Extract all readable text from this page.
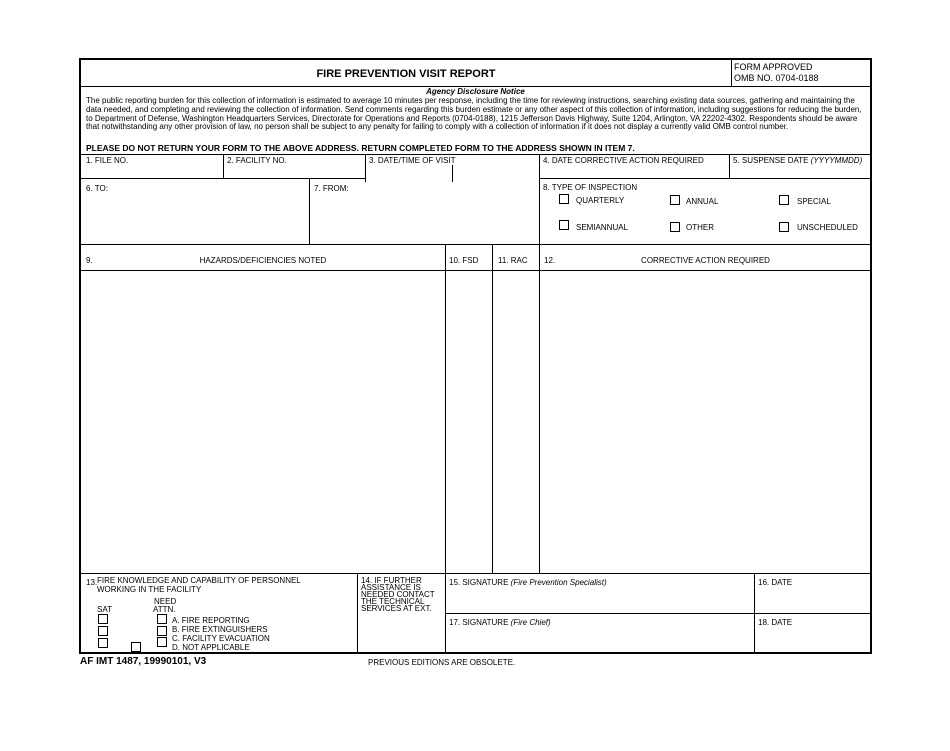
FIRE PREVENTION VISIT REPORT
FORM APPROVED
OMB NO. 0704-0188
Agency Disclosure Notice
The public reporting burden for this collection of information is estimated to average 10 minutes per response, including the time for reviewing instructions, searching existing data sources, gathering and maintaining the data needed, and completing and reviewing the collection of information. Send comments regarding this burden estimate or any other aspect of this collection of information, including suggestions for reducing the burden, to Department of Defense, Washington Headquarters Services, Directorate for Operations and Reports (0704-0188), 1215 Jefferson Davis Highway, Suite 1204, Arlington, VA 22202-4302. Respondents should be aware that notwithstanding any other provision of law, no person shall be subject to any penalty for failing to comply with a collection of information if it does not display a currently valid OMB control number.
PLEASE DO NOT RETURN YOUR FORM TO THE ABOVE ADDRESS. RETURN COMPLETED FORM TO THE ADDRESS SHOWN IN ITEM 7.
1. FILE NO.	2. FACILITY NO.	3. DATE/TIME OF VISIT	4. DATE CORRECTIVE ACTION REQUIRED	5. SUSPENSE DATE (YYYYMMDD)
6. TO:	7. FROM:	8. TYPE OF INSPECTION
QUARTERLY	ANNUAL	SPECIAL
SEMIANNUAL	OTHER	UNSCHEDULED
9.	HAZARDS/DEFICIENCIES NOTED	10. FSD 11. RAC 12.	CORRECTIVE ACTION REQUIRED
13. FIRE KNOWLEDGE AND CAPABILITY OF PERSONNEL
WORKING IN THE FACILITY
NEED
ATTN.
SAT
A. FIRE REPORTING
B. FIRE EXTINGUISHERS
C. FACILITY EVACUATION
D. NOT APPLICABLE
14. IF FURTHER
ASSISTANCE IS
NEEDED CONTACT
THE TECHNICAL
SERVICES AT EXT.
15. SIGNATURE (Fire Prevention Specialist)	16. DATE
17. SIGNATURE (Fire Chief)	18. DATE
AF IMT 1487, 19990101, V3	PREVIOUS EDITIONS ARE OBSOLETE.
